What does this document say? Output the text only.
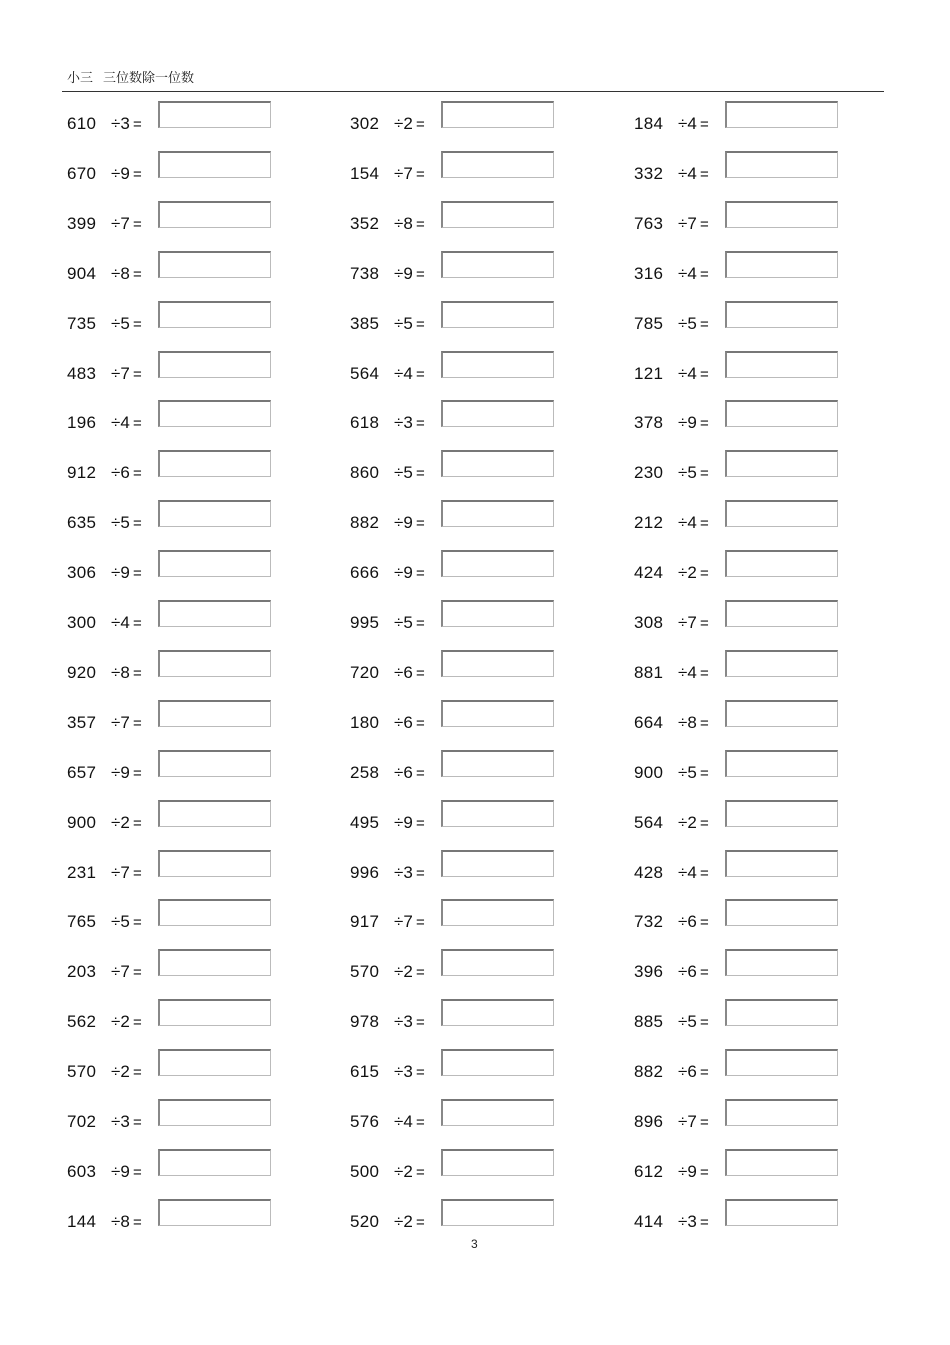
小三 三位数除一位数
610 ÷3 =
670 ÷9 =
399 ÷7 =
904 ÷8 =
735 ÷5 =
483 ÷7 =
196 ÷4 =
912 ÷6 =
635 ÷5 =
306 ÷9 =
300 ÷4 =
920 ÷8 =
357 ÷7 =
657 ÷9 =
900 ÷2 =
231 ÷7 =
765 ÷5 =
203 ÷7 =
562 ÷2 =
570 ÷2 =
702 ÷3 =
603 ÷9 =
144 ÷8 =
302 ÷2 =
154 ÷7 =
352 ÷8 =
738 ÷9 =
385 ÷5 =
564 ÷4 =
618 ÷3 =
860 ÷5 =
882 ÷9 =
666 ÷9 =
995 ÷5 =
720 ÷6 =
180 ÷6 =
258 ÷6 =
495 ÷9 =
996 ÷3 =
917 ÷7 =
570 ÷2 =
978 ÷3 =
615 ÷3 =
576 ÷4 =
500 ÷2 =
520 ÷2 =
184 ÷4 =
332 ÷4 =
763 ÷7 =
316 ÷4 =
785 ÷5 =
121 ÷4 =
378 ÷9 =
230 ÷5 =
212 ÷4 =
424 ÷2 =
308 ÷7 =
881 ÷4 =
664 ÷8 =
900 ÷5 =
564 ÷2 =
428 ÷4 =
732 ÷6 =
396 ÷6 =
885 ÷5 =
882 ÷6 =
896 ÷7 =
612 ÷9 =
414 ÷3 =
3
